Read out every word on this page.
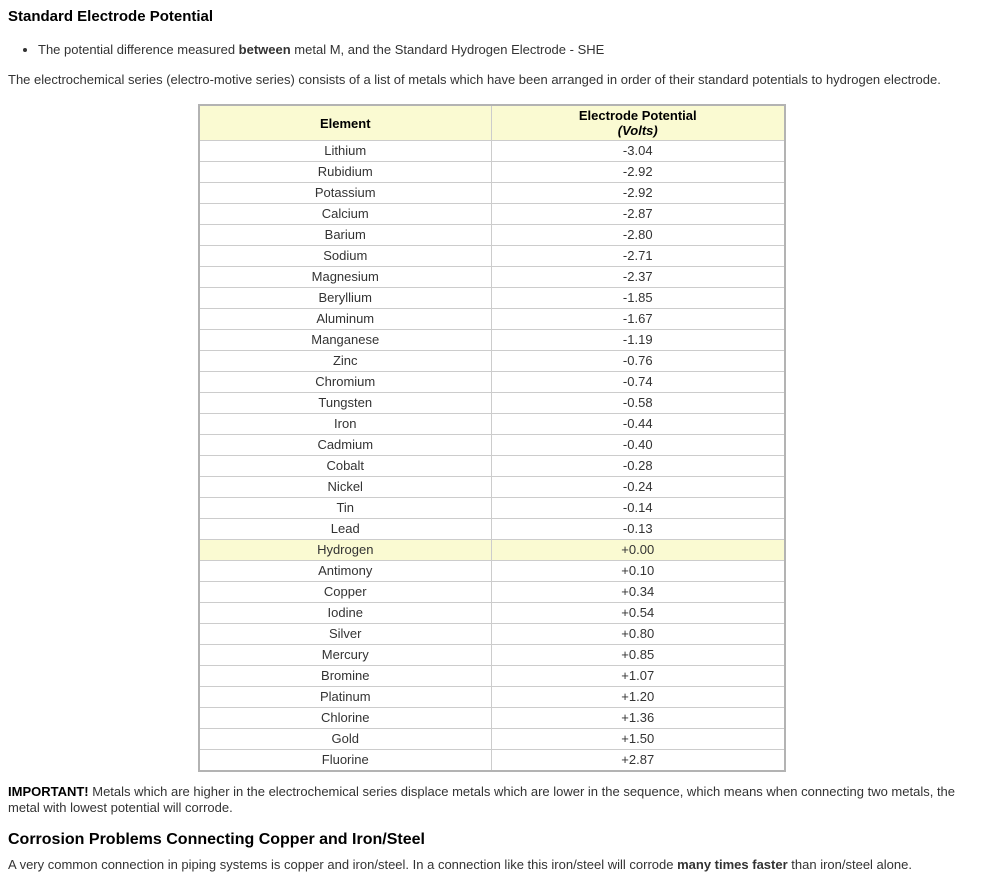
Standard Electrode Potential
• The potential difference measured between metal M, and the Standard Hydrogen Electrode - SHE

The electrochemical series (electro-motive series) consists of a list of metals which have been arranged in order of their standard potentials to hydrogen electrode.

Element	Electrode Potential
(Volts)

Lithium	-3.04
Rubidium	-2.92
Potassium	-2.92
Calcium	-2.87
Barium	-2.80
Sodium	-2.71
Magnesium	-2.37
Beryllium	-1.85
Aluminum	-1.67
Manganese	-1.19
Zinc	-0.76
Chromium	-0.74
Tungsten	-0.58
Iron	-0.44
Cadmium	-0.40
Cobalt	-0.28
Nickel	-0.24
Tin	-0.14
Lead	-0.13
Hydrogen	+0.00
Antimony	+0.10
Copper	+0.34
Iodine	+0.54
Silver	+0.80
Mercury	+0.85
Bromine	+1.07
Platinum	+1.20
Chlorine	+1.36
Gold	+1.50
Fluorine	+2.87

IMPORTANT! Metals which are higher in the electrochemical series displace metals which are lower in the sequence, which means when connecting two metals, the metal with lowest potential will corrode.

Corrosion Problems Connecting Copper and Iron/Steel

A very common connection in piping systems is copper and iron/steel. In a connection like this iron/steel will corrode many times faster than iron/steel alone.
